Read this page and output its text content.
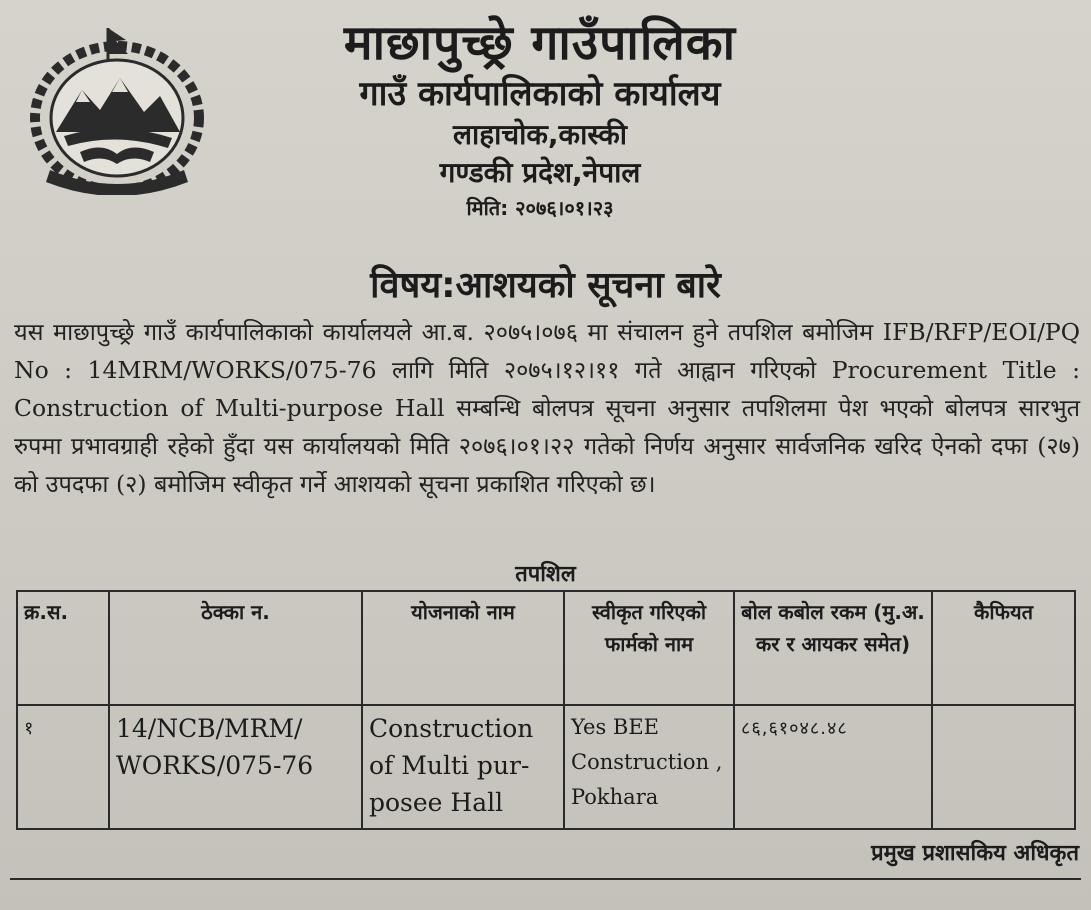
माछापुच्छ्रे गाउँपालिका
गाउँ कार्यपालिकाको कार्यालय
लाहाचोक,कास्की
गण्डकी प्रदेश,नेपाल
मिति: २०७६।०१।२३
विषय:आशयको सूचना बारे
यस माछापुच्छ्रे गाउँ कार्यपालिकाको कार्यालयले आ.ब. २०७५।०७६ मा संचालन हुने तपशिल बमोजिम IFB/RFP/EOI/PQ No : 14MRM/WORKS/075-76 लागि मिति २०७५।१२।११ गते आह्वान गरिएको Procurement Title : Construction of Multi-purpose Hall सम्बन्धि बोलपत्र सूचना अनुसार तपशिलमा पेश भएको बोलपत्र सारभुत रुपमा प्रभावग्राही रहेको हुँदा यस कार्यालयको मिति २०७६।०१।२२ गतेको निर्णय अनुसार सार्वजनिक खरिद ऐनको दफा (२७) को उपदफा (२) बमोजिम स्वीकृत गर्ने आशयको सूचना प्रकाशित गरिएको छ।
तपशिल
क्र.स.	ठेक्का न.	योजनाको नाम	स्वीकृत गरिएको फार्मको नाम	बोल कबोल रकम (मु.अ. कर र आयकर समेत)	कैफियत
१	14/NCB/MRM/ WORKS/075-76	Construction of Multi pur-posee Hall	Yes BEE Construction , Pokhara	८६,६१०४८.४८	
प्रमुख प्रशासकिय अधिकृत
